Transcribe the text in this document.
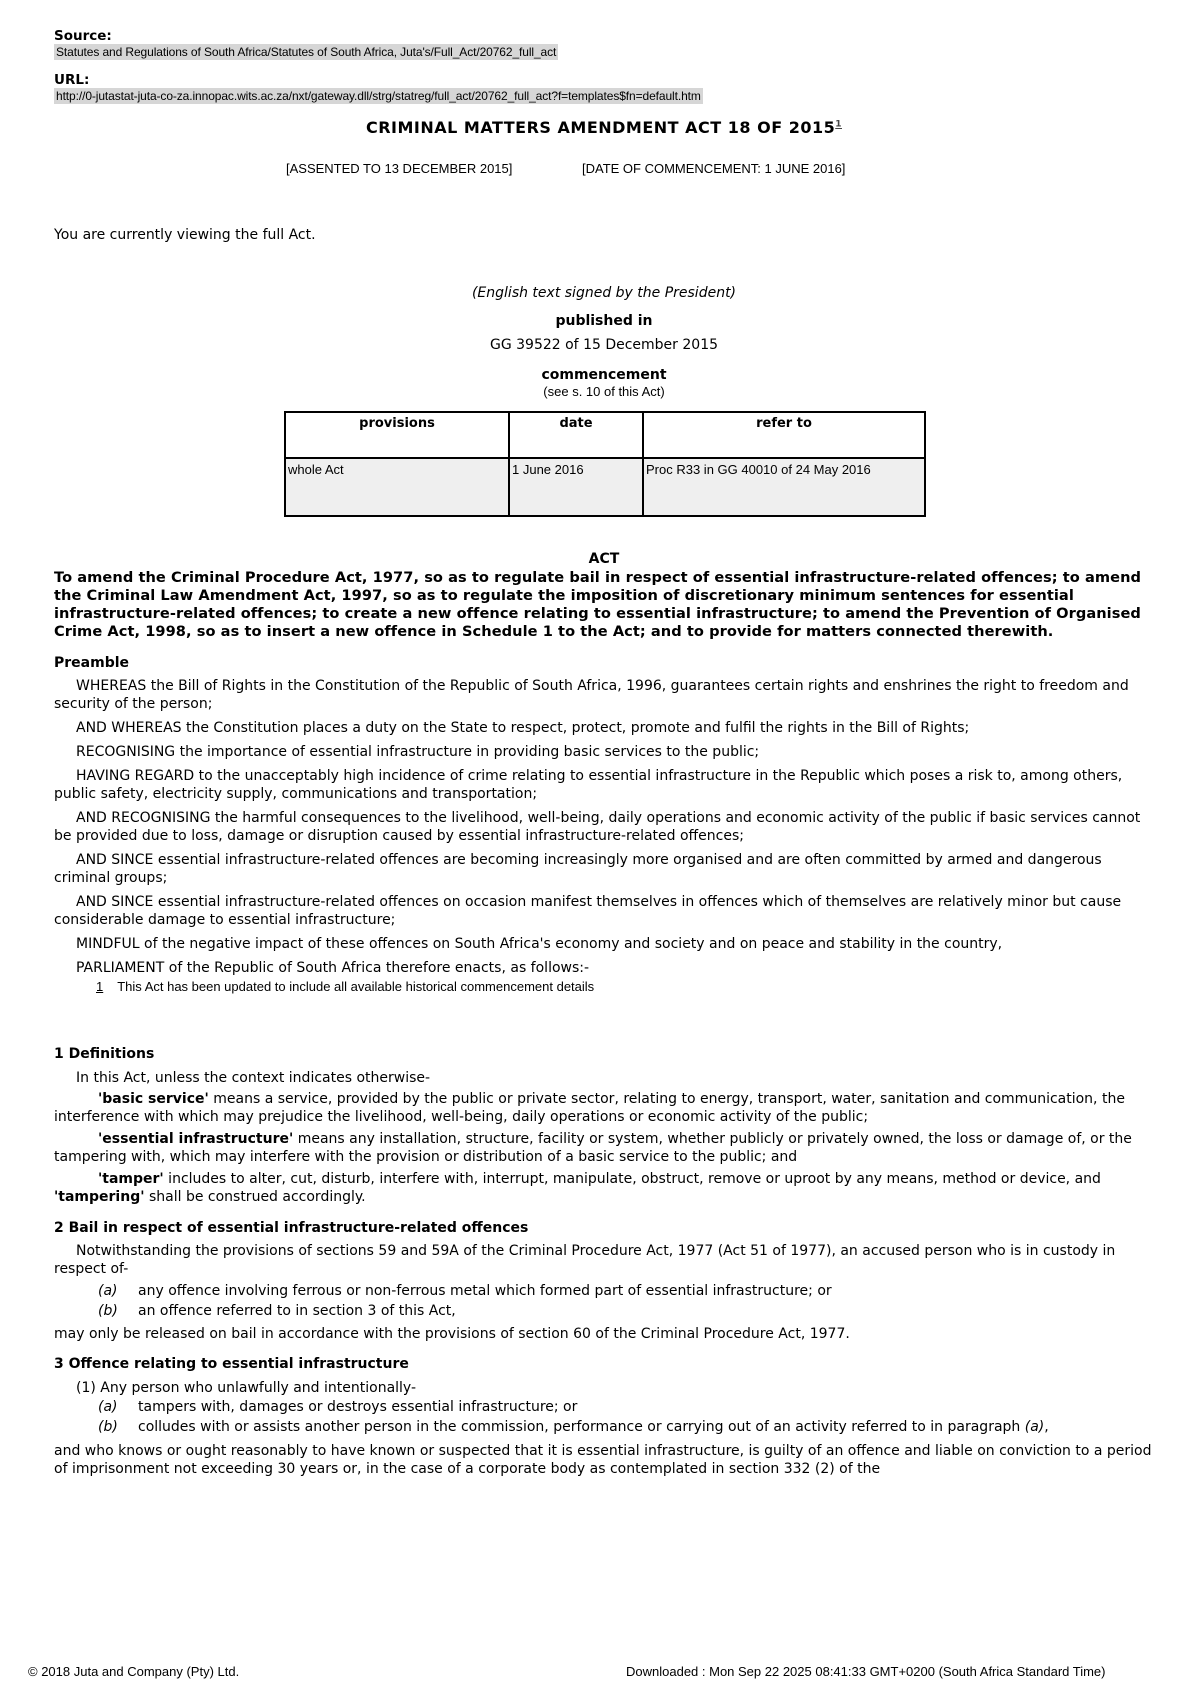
Source:
Statutes and Regulations of South Africa/Statutes of South Africa, Juta's/Full_Act/20762_full_act
URL:
http://0-jutastat-juta-co-za.innopac.wits.ac.za/nxt/gateway.dll/strg/statreg/full_act/20762_full_act?f=templates$fn=default.htm
CRIMINAL MATTERS AMENDMENT ACT 18 OF 2015$^1$
[ASSENTED TO 13 DECEMBER 2015]	[DATE OF COMMENCEMENT: 1 JUNE 2016]
You are currently viewing the full Act.
(English text signed by the President)
published in
GG 39522 of 15 December 2015
commencement
(see s. 10 of this Act)
provisions	date	refer to
whole Act	1 June 2016	Proc R33 in GG 40010 of 24 May 2016
ACT
To amend the Criminal Procedure Act, 1977, so as to regulate bail in respect of essential infrastructure-related offences; to amend the Criminal Law Amendment Act, 1997, so as to regulate the imposition of discretionary minimum sentences for essential infrastructure-related offences; to create a new offence relating to essential infrastructure; to amend the Prevention of Organised Crime Act, 1998, so as to insert a new offence in Schedule 1 to the Act; and to provide for matters connected therewith.
Preamble

WHEREAS the Bill of Rights in the Constitution of the Republic of South Africa, 1996, guarantees certain rights and enshrines the right to freedom and security of the person;

AND WHEREAS the Constitution places a duty on the State to respect, protect, promote and fulfil the rights in the Bill of Rights;

RECOGNISING the importance of essential infrastructure in providing basic services to the public;

HAVING REGARD to the unacceptably high incidence of crime relating to essential infrastructure in the Republic which poses a risk to, among others, public safety, electricity supply, communications and transportation;

AND RECOGNISING the harmful consequences to the livelihood, well-being, daily operations and economic activity of the public if basic services cannot be provided due to loss, damage or disruption caused by essential infrastructure-related offences;

AND SINCE essential infrastructure-related offences are becoming increasingly more organised and are often committed by armed and dangerous criminal groups;

AND SINCE essential infrastructure-related offences on occasion manifest themselves in offences which of themselves are relatively minor but cause considerable damage to essential infrastructure;

MINDFUL of the negative impact of these offences on South Africa's economy and society and on peace and stability in the country,

PARLIAMENT of the Republic of South Africa therefore enacts, as follows:-

1 This Act has been updated to include all available historical commencement details
1 Definitions
In this Act, unless the context indicates otherwise-
'basic service' means a service, provided by the public or private sector, relating to energy, transport, water, sanitation and communication, the interference with which may prejudice the livelihood, well-being, daily operations or economic activity of the public;
'essential infrastructure' means any installation, structure, facility or system, whether publicly or privately owned, the loss or damage of, or the tampering with, which may interfere with the provision or distribution of a basic service to the public; and
'tamper' includes to alter, cut, disturb, interfere with, interrupt, manipulate, obstruct, remove or uproot by any means, method or device, and 'tampering' shall be construed accordingly.
2 Bail in respect of essential infrastructure-related offences

Notwithstanding the provisions of sections 59 and 59A of the Criminal Procedure Act, 1977 (Act 51 of 1977), an accused person who is in custody in respect of-

(a) any offence involving ferrous or non-ferrous metal which formed part of essential infrastructure; or
(b) an offence referred to in section 3 of this Act,
may only be released on bail in accordance with the provisions of section 60 of the Criminal Procedure Act, 1977.
3 Offence relating to essential infrastructure
(1) Any person who unlawfully and intentionally-
(a) tampers with, damages or destroys essential infrastructure; or
(b) colludes with or assists another person in the commission, performance or carrying out of an activity referred to in paragraph (a),
and who knows or ought reasonably to have known or suspected that it is essential infrastructure, is guilty of an offence and liable on conviction to a period of imprisonment not exceeding 30 years or, in the case of a corporate body as contemplated in section 332 (2) of the
© 2018 Juta and Company (Pty) Ltd.	Downloaded : Mon Sep 22 2025 08:41:33 GMT+0200 (South Africa Standard Time)
